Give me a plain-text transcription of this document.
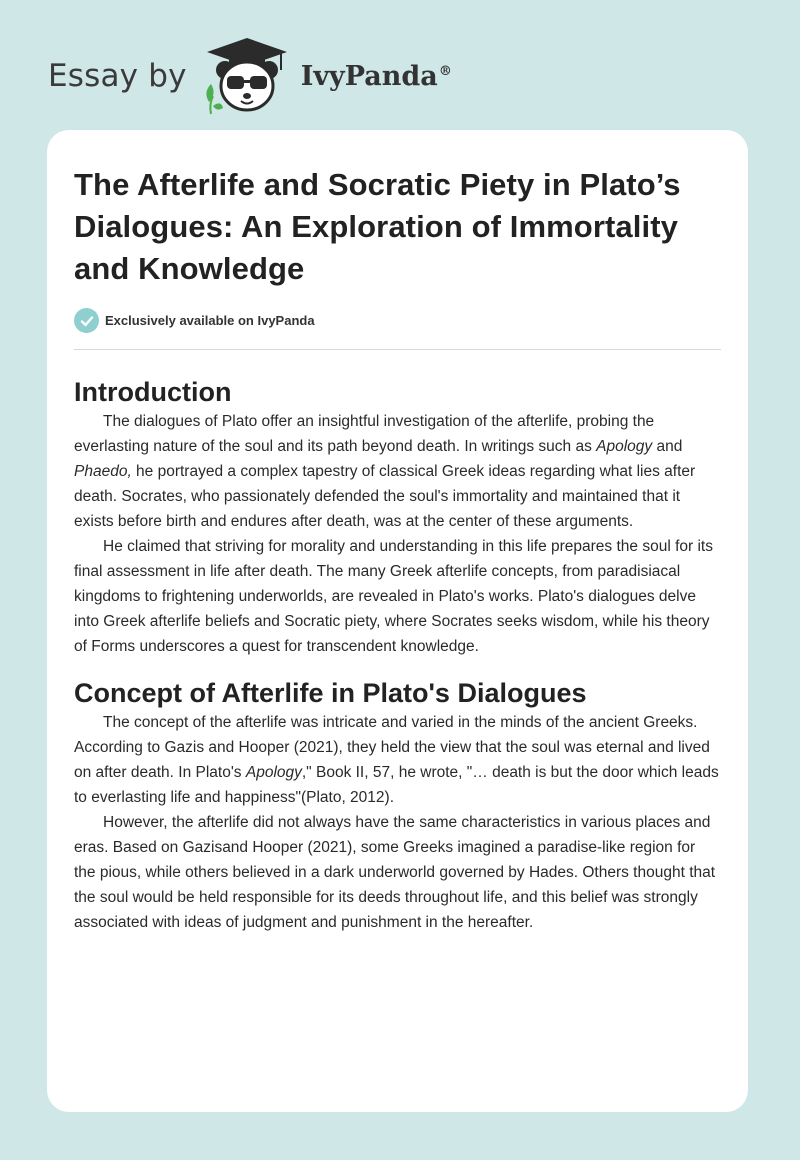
Essay by	IvyPanda®
The Afterlife and Socratic Piety in Plato’s Dialogues: An Exploration of Immortality and Knowledge
Exclusively available on IvyPanda
Introduction

The dialogues of Plato offer an insightful investigation of the afterlife, probing the everlasting nature of the soul and its path beyond death. In writings such as Apology and Phaedo, he portrayed a complex tapestry of classical Greek ideas regarding what lies after death. Socrates, who passionately defended the soul's immortality and maintained that it exists before birth and endures after death, was at the center of these arguments.

He claimed that striving for morality and understanding in this life prepares the soul for its final assessment in life after death. The many Greek afterlife concepts, from paradisiacal kingdoms to frightening underworlds, are revealed in Plato's works. Plato's dialogues delve into Greek afterlife beliefs and Socratic piety, where Socrates seeks wisdom, while his theory of Forms underscores a quest for transcendent knowledge.

Concept of Afterlife in Plato's Dialogues

The concept of the afterlife was intricate and varied in the minds of the ancient Greeks. According to Gazis and Hooper (2021), they held the view that the soul was eternal and lived on after death. In Plato's Apology," Book II, 57, he wrote, "… death is but the door which leads to everlasting life and happiness"(Plato, 2012).

However, the afterlife did not always have the same characteristics in various places and eras. Based on Gazisand Hooper (2021), some Greeks imagined a paradise-like region for the pious, while others believed in a dark underworld governed by Hades. Others thought that the soul would be held responsible for its deeds throughout life, and this belief was strongly associated with ideas of judgment and punishment in the hereafter.
